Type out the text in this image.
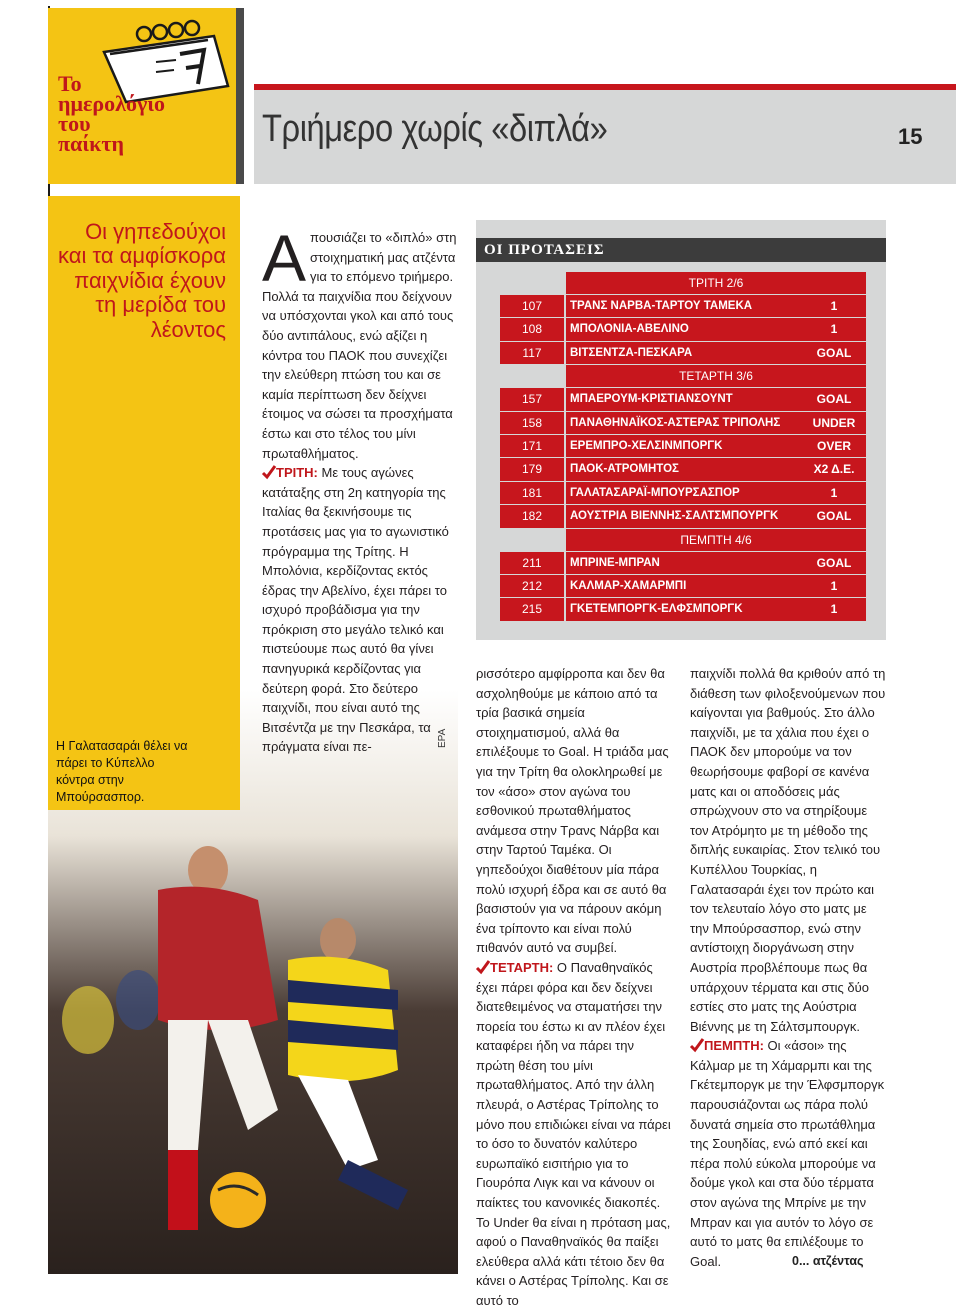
Το
ημερολόγιο
του
παίκτη	Τριήμερο χωρίς «διπλά»	15
Οι γηπεδούχοι και τα αμφίσκορα παιχνίδια έχουν τη μερίδα του λέοντος
Η Γαλατασαράι θέλει να πάρει το Κύπελλο κόντρα στην Μπούρσασπορ.
ΕΡΑ

Απουσιάζει το «διπλό» στη στοιχηματική μας ατζέντα για το επόμενο τριήμερο. Πολλά τα παιχνίδια που δείχνουν να υπόσχονται γκολ και από τους δύο αντιπάλους, ενώ αξίζει η κόντρα του ΠΑΟΚ που συνεχίζει την ελεύθερη πτώση του και σε καμία περίπτωση δεν δείχνει έτοιμος να σώσει τα προσχήματα έστω και στο τέλος του μίνι πρωταθλήματος.

ΤΡΙΤΗ: Με τους αγώνες κατάταξης στη 2η κατηγορία της Ιταλίας θα ξεκινήσουμε τις προτάσεις μας για το αγωνιστικό πρόγραμμα της Τρίτης. Η Μπολόνια, κερδίζοντας εκτός έδρας την Αβελίνο, έχει πάρει το ισχυρό προβάδισμα για την πρόκριση στο μεγάλο τελικό και πιστεύουμε πως αυτό θα γίνει πανηγυρικά κερδίζοντας για δεύτερη φορά. Στο δεύτερο παιχνίδι, που είναι αυτό της Βιτσέντζα με την Πεσκάρα, τα πράγματα είναι πε-

ΟΙ ΠΡΟΤΑΣΕΙΣ
ΤΡΙΤΗ 2/6
107	ΤΡΑΝΣ ΝΑΡΒΑ-ΤΑΡΤΟΥ ΤΑΜΕΚΑ	1
108	ΜΠΟΛΟΝΙΑ-ΑΒΕΛΙΝΟ	1
117	ΒΙΤΣΕΝΤΖΑ-ΠΕΣΚΑΡΑ	GOAL
ΤΕΤΑΡΤΗ 3/6
157	ΜΠΑΕΡΟΥΜ-ΚΡΙΣΤΙΑΝΣΟΥΝΤ	GOAL
158	ΠΑΝΑΘΗΝΑΪΚΟΣ-ΑΣΤΕΡΑΣ ΤΡΙΠΟΛΗΣ	UNDER
171	ΕΡΕΜΠΡΟ-ΧΕΛΣΙΝΜΠΟΡΓΚ	OVER
179	ΠΑΟΚ-ΑΤΡΟΜΗΤΟΣ	Χ2 Δ.Ε.
181	ΓΑΛΑΤΑΣΑΡΑΪ-ΜΠΟΥΡΣΑΣΠΟΡ	1
182	ΑΟΥΣΤΡΙΑ ΒΙΕΝΝΗΣ-ΣΑΛΤΣΜΠΟΥΡΓΚ	GOAL
ΠΕΜΠΤΗ 4/6
211	ΜΠΡΙΝΕ-ΜΠΡΑΝ	GOAL
212	ΚΑΛΜΑΡ-ΧΑΜΑΡΜΠΙ	1
215	ΓΚΕΤΕΜΠΟΡΓΚ-ΕΛΦΣΜΠΟΡΓΚ	1

ρισσότερο αμφίρροπα και δεν θα ασχοληθούμε με κάποιο από τα τρία βασικά σημεία στοιχηματισμού, αλλά θα επιλέξουμε το Goal. Η τριάδα μας για την Τρίτη θα ολοκληρωθεί με τον «άσο» στον αγώνα του εσθονικού πρωταθλήματος ανάμεσα στην Τρανς Νάρβα και στην Ταρτού Ταμέκα. Οι γηπεδούχοι διαθέτουν μία πάρα πολύ ισχυρή έδρα και σε αυτό θα βασιστούν για να πάρουν ακόμη ένα τρίποντο και είναι πολύ πιθανόν αυτό να συμβεί.

ΤΕΤΑΡΤΗ: Ο Παναθηναϊκός έχει πάρει φόρα και δεν δείχνει διατεθειμένος να σταματήσει την πορεία του έστω κι αν πλέον έχει καταφέρει ήδη να πάρει την πρώτη θέση του μίνι πρωταθλήματος. Από την άλλη πλευρά, ο Αστέρας Τρίπολης το μόνο που επιδιώκει είναι να πάρει το όσο το δυνατόν καλύτερο ευρωπαϊκό εισιτήριο για το Γιουρόπα Λιγκ και να κάνουν οι παίκτες του κανονικές διακοπές. Το Under θα είναι η πρόταση μας, αφού ο Παναθηναϊκός θα παίξει ελεύθερα αλλά κάτι τέτοιο δεν θα κάνει ο Αστέρας Τρίπολης. Και σε αυτό το

παιχνίδι πολλά θα κριθούν από τη διάθεση των φιλοξενούμενων που καίγονται για βαθμούς. Στο άλλο παιχνίδι, με τα χάλια που έχει ο ΠΑΟΚ δεν μπορούμε να τον θεωρήσουμε φαβορί σε κανένα ματς και οι αποδόσεις μάς σπρώχνουν στο να στηρίξουμε τον Ατρόμητο με τη μέθοδο της διπλής ευκαιρίας. Στον τελικό του Κυπέλλου Τουρκίας, η Γαλατασαράι έχει τον πρώτο και τον τελευταίο λόγο στο ματς με την Μπούρσασπορ, ενώ στην αντίστοιχη διοργάνωση στην Αυστρία προβλέπουμε πως θα υπάρχουν τέρματα και στις δύο εστίες στο ματς της Αούστρια Βιέννης με τη Σάλτσμπουργκ.

ΠΕΜΠΤΗ: Οι «άσοι» της Κάλμαρ με τη Χάμαρμπι και της Γκέτεμποργκ με την Έλφσμποργκ παρουσιάζονται ως πάρα πολύ δυνατά σημεία στο πρωτάθλημα της Σουηδίας, ενώ από εκεί και πέρα πολύ εύκολα μπορούμε να δούμε γκολ και στα δύο τέρματα στον αγώνα της Μπρίνε με την Μπραν και για αυτόν το λόγο σε αυτό το ματς θα επιλέξουμε το Goal.	0... ατζέντας
